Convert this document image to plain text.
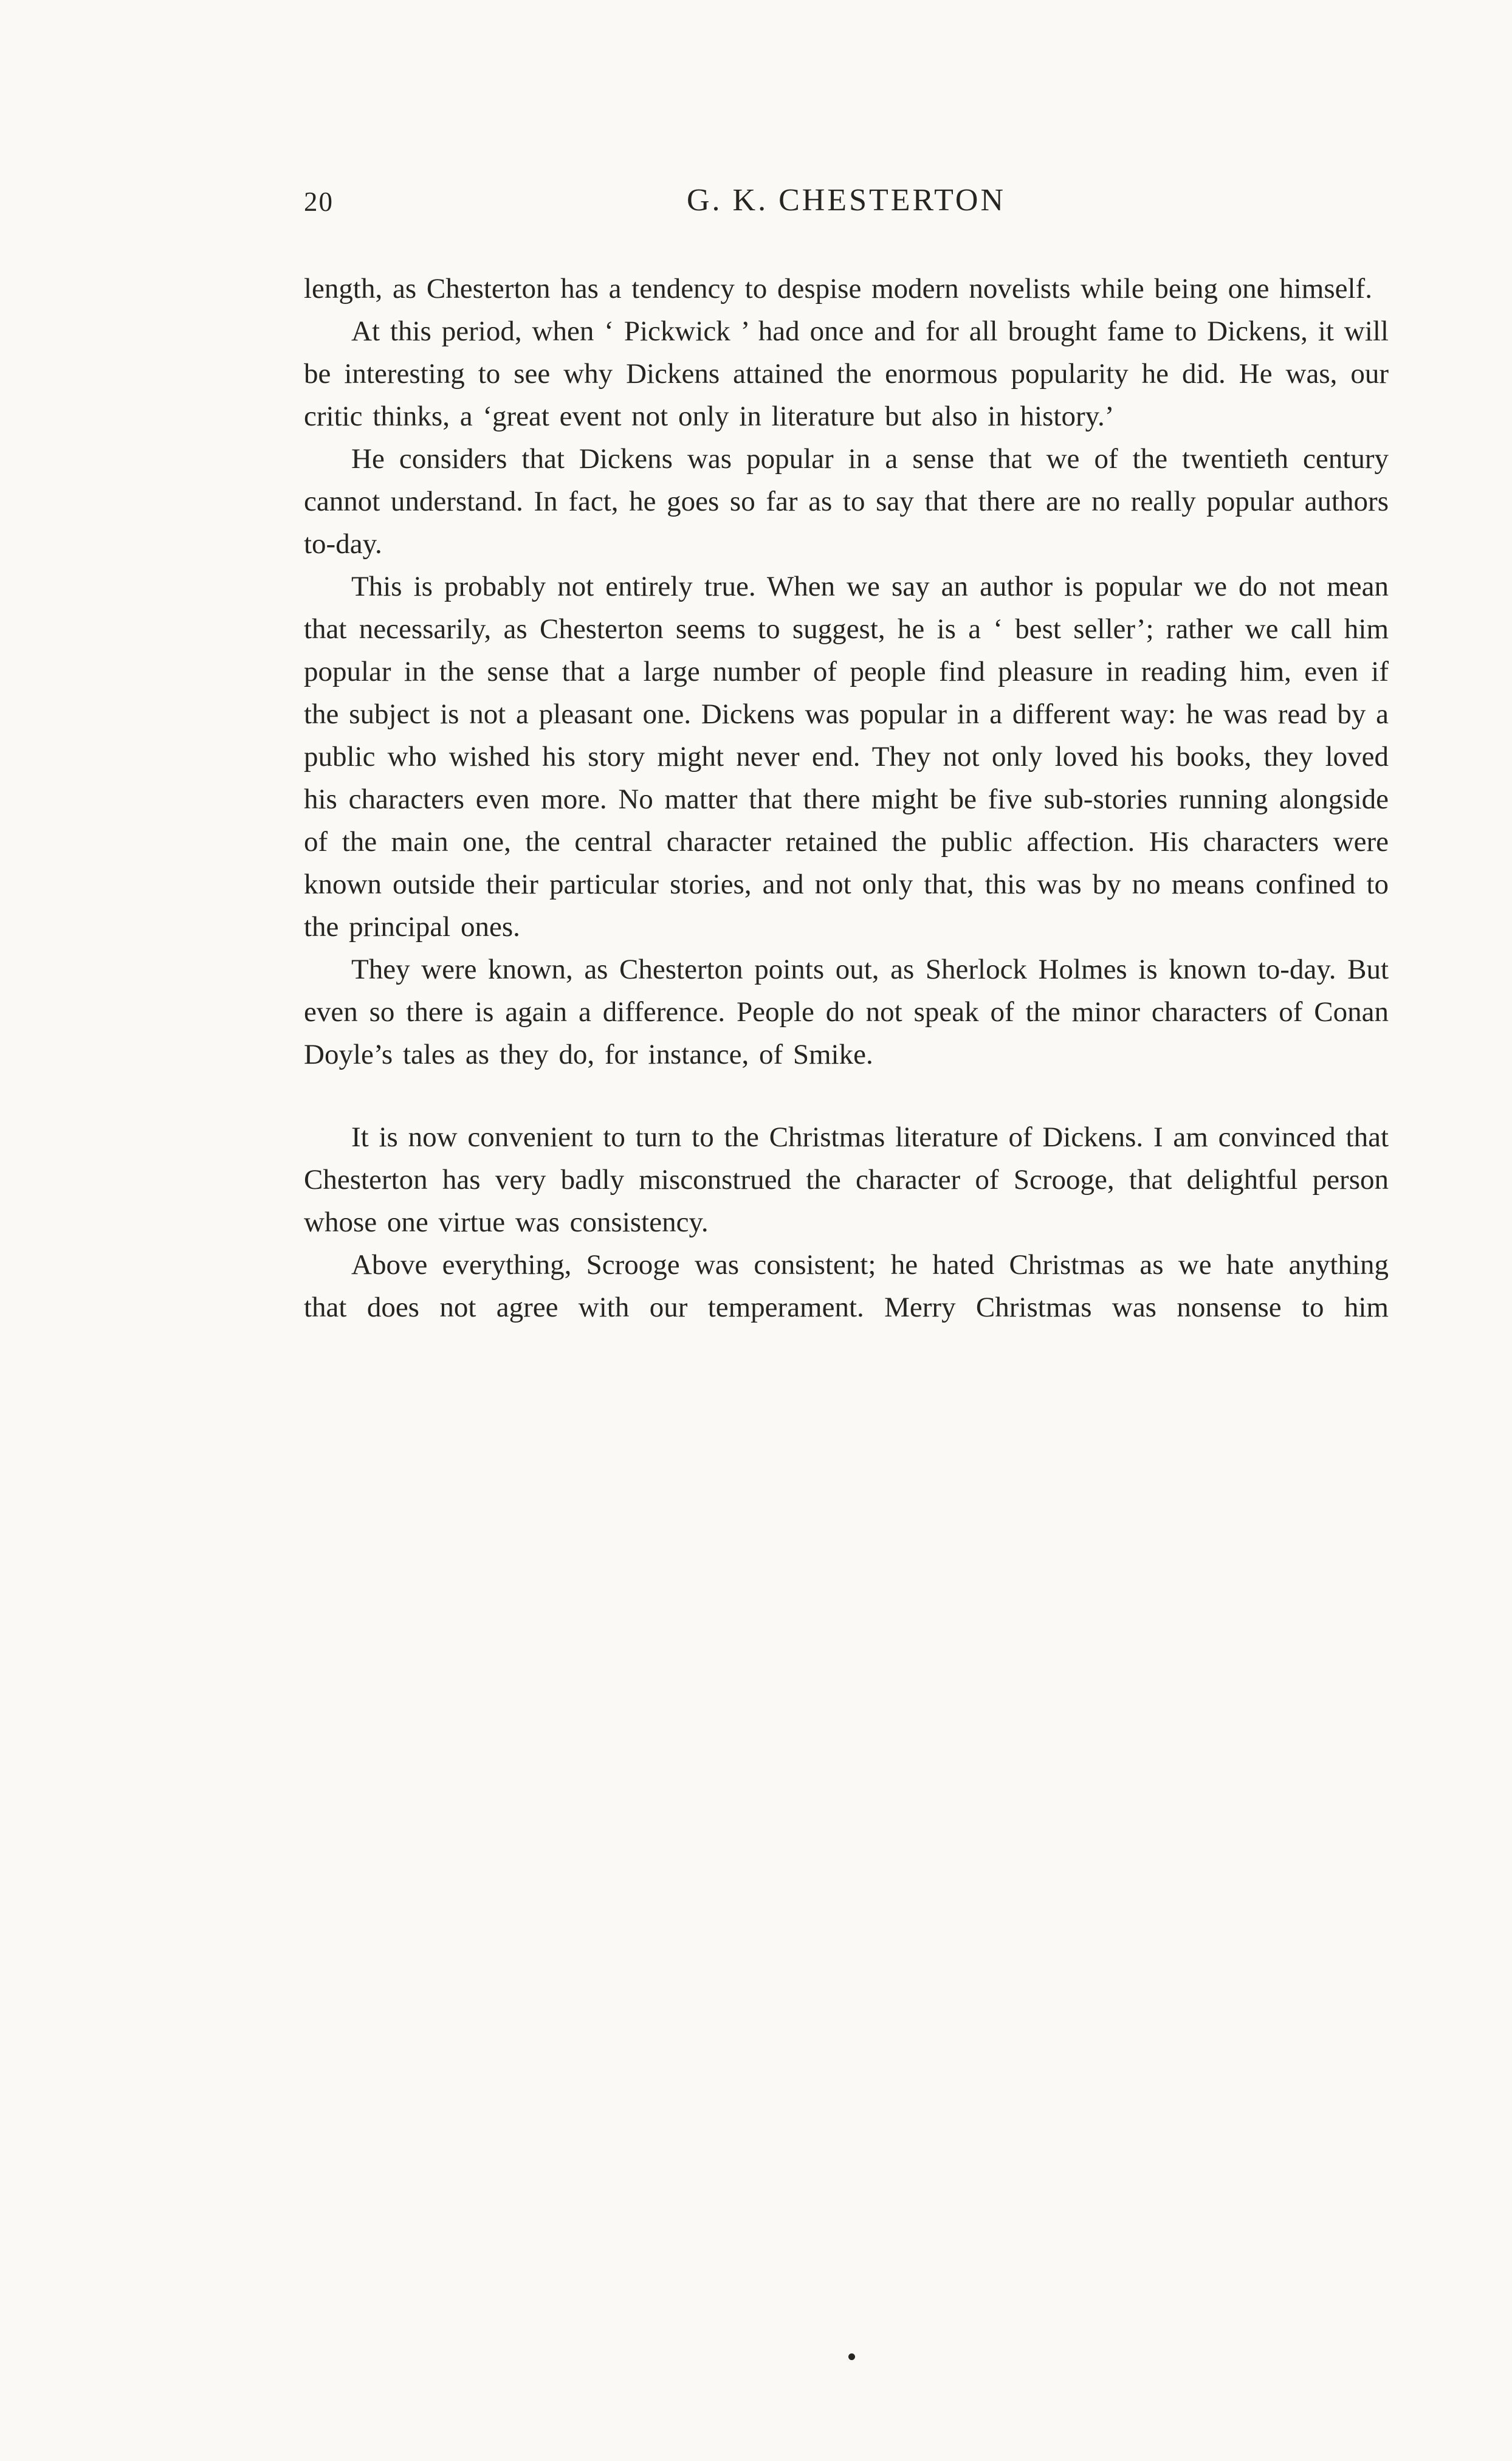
20	G. K. CHESTERTON

length, as Chesterton has a tendency to despise modern novelists while being one himself.

At this period, when ‘ Pickwick ’ had once and for all brought fame to Dickens, it will be interesting to see why Dickens attained the enormous popularity he did. He was, our critic thinks, a ‘great event not only in literature but also in history.’

He considers that Dickens was popular in a sense that we of the twentieth century cannot understand. In fact, he goes so far as to say that there are no really popular authors to-day.

This is probably not entirely true. When we say an author is popular we do not mean that necessarily, as Chesterton seems to suggest, he is a ‘ best seller’; rather we call him popular in the sense that a large number of people find pleasure in reading him, even if the subject is not a pleasant one. Dickens was popular in a different way: he was read by a public who wished his story might never end. They not only loved his books, they loved his characters even more. No matter that there might be five sub-stories running alongside of the main one, the central character retained the public affection. His characters were known outside their particular stories, and not only that, this was by no means confined to the principal ones.

They were known, as Chesterton points out, as Sherlock Holmes is known to-day. But even so there is again a difference. People do not speak of the minor characters of Conan Doyle’s tales as they do, for instance, of Smike.

It is now convenient to turn to the Christmas literature of Dickens. I am convinced that Chesterton has very badly misconstrued the character of Scrooge, that delightful person whose one virtue was consistency.

Above everything, Scrooge was consistent; he hated Christmas as we hate anything that does not agree with our temperament. Merry Christmas was nonsense to him
